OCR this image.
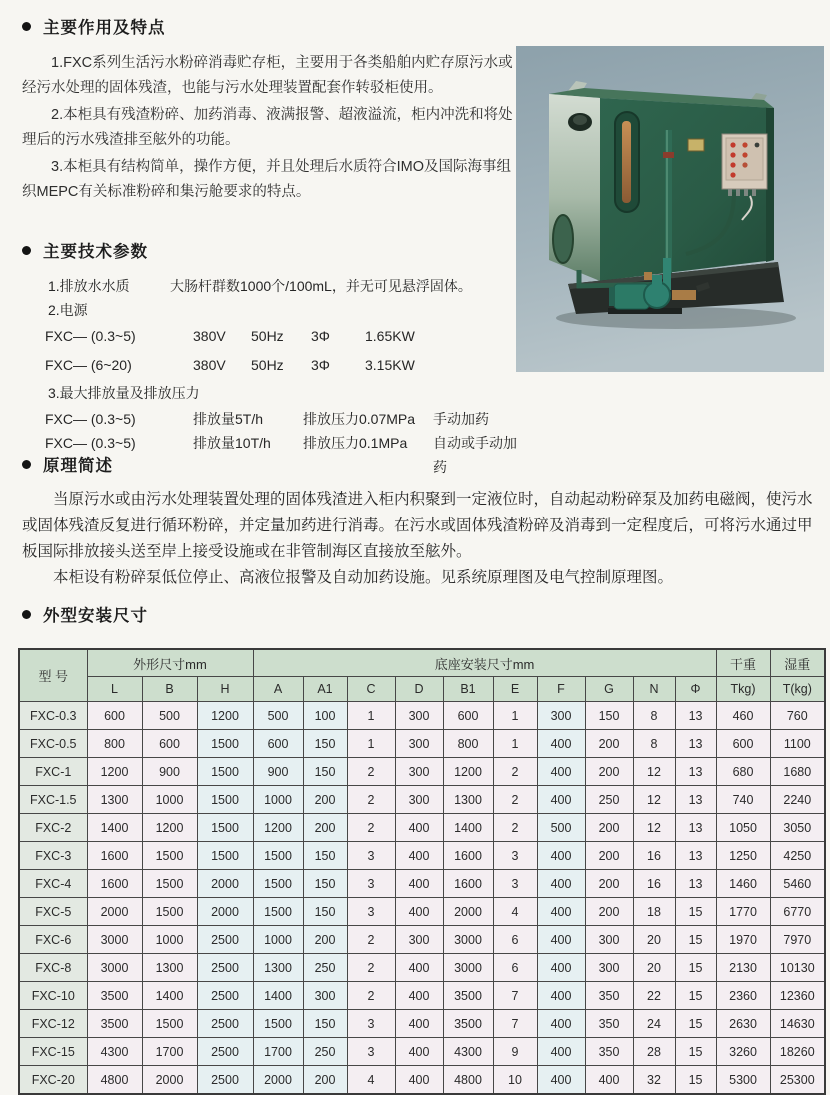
主要作用及特点

1.FXC系列生活污水粉碎消毒贮存柜，主要用于各类船舶内贮存原污水或经污水处理的固体残渣，也能与污水处理装置配套作转驳柜使用。

2.本柜具有残渣粉碎、加药消毒、液满报警、超液溢流，柜内冲洗和将处理后的污水残渣排至舷外的功能。

3.本柜具有结构简单，操作方便，并且处理后水质符合IMO及国际海事组织MEPC有关标准粉碎和集污舱要求的特点。

主要技术参数
1.排放水水质	大肠杆群数1000个/100mL，并无可见悬浮固体。
2.电源
FXC— (0.3~5)	380V	50Hz	3Φ	1.65KW
FXC— (6~20)	380V	50Hz	3Φ	3.15KW
3.最大排放量及排放压力
FXC— (0.3~5)	排放量5T/h	排放压力0.07MPa	手动加药
FXC— (0.3~5)	排放量10T/h	排放压力0.1MPa	自动或手动加药
原理简述

当原污水或由污水处理装置处理的固体残渣进入柜内积聚到一定液位时，自动起动粉碎泵及加药电磁阀，使污水或固体残渣反复进行循环粉碎，并定量加药进行消毒。在污水或固体残渣粉碎及消毒到一定程度后，可将污水通过甲板国际排放接头送至岸上接受设施或在非管制海区直接放至舷外。

本柜设有粉碎泵低位停止、高液位报警及自动加药设施。见系统原理图及电气控制原理图。

外型安装尺寸
型 号	外形尺寸mm			底座安装尺寸mm										干重	湿重
	L	B	H	A	A1	C	D	B1	E	F	G	N	Φ	Tkg)	T(kg)
FXC-0.3	600	500	1200	500	100	1	300	600	1	300	150	8	13	460	760
FXC-0.5	800	600	1500	600	150	1	300	800	1	400	200	8	13	600	1100
FXC-1	1200	900	1500	900	150	2	300	1200	2	400	200	12	13	680	1680
FXC-1.5	1300	1000	1500	1000	200	2	300	1300	2	400	250	12	13	740	2240
FXC-2	1400	1200	1500	1200	200	2	400	1400	2	500	200	12	13	1050	3050
FXC-3	1600	1500	1500	1500	150	3	400	1600	3	400	200	16	13	1250	4250
FXC-4	1600	1500	2000	1500	150	3	400	1600	3	400	200	16	13	1460	5460
FXC-5	2000	1500	2000	1500	150	3	400	2000	4	400	200	18	15	1770	6770
FXC-6	3000	1000	2500	1000	200	2	300	3000	6	400	300	20	15	1970	7970
FXC-8	3000	1300	2500	1300	250	2	400	3000	6	400	300	20	15	2130	10130
FXC-10	3500	1400	2500	1400	300	2	400	3500	7	400	350	22	15	2360	12360
FXC-12	3500	1500	2500	1500	150	3	400	3500	7	400	350	24	15	2630	14630
FXC-15	4300	1700	2500	1700	250	3	400	4300	9	400	350	28	15	3260	18260
FXC-20	4800	2000	2500	2000	200	4	400	4800	10	400	400	32	15	5300	25300
